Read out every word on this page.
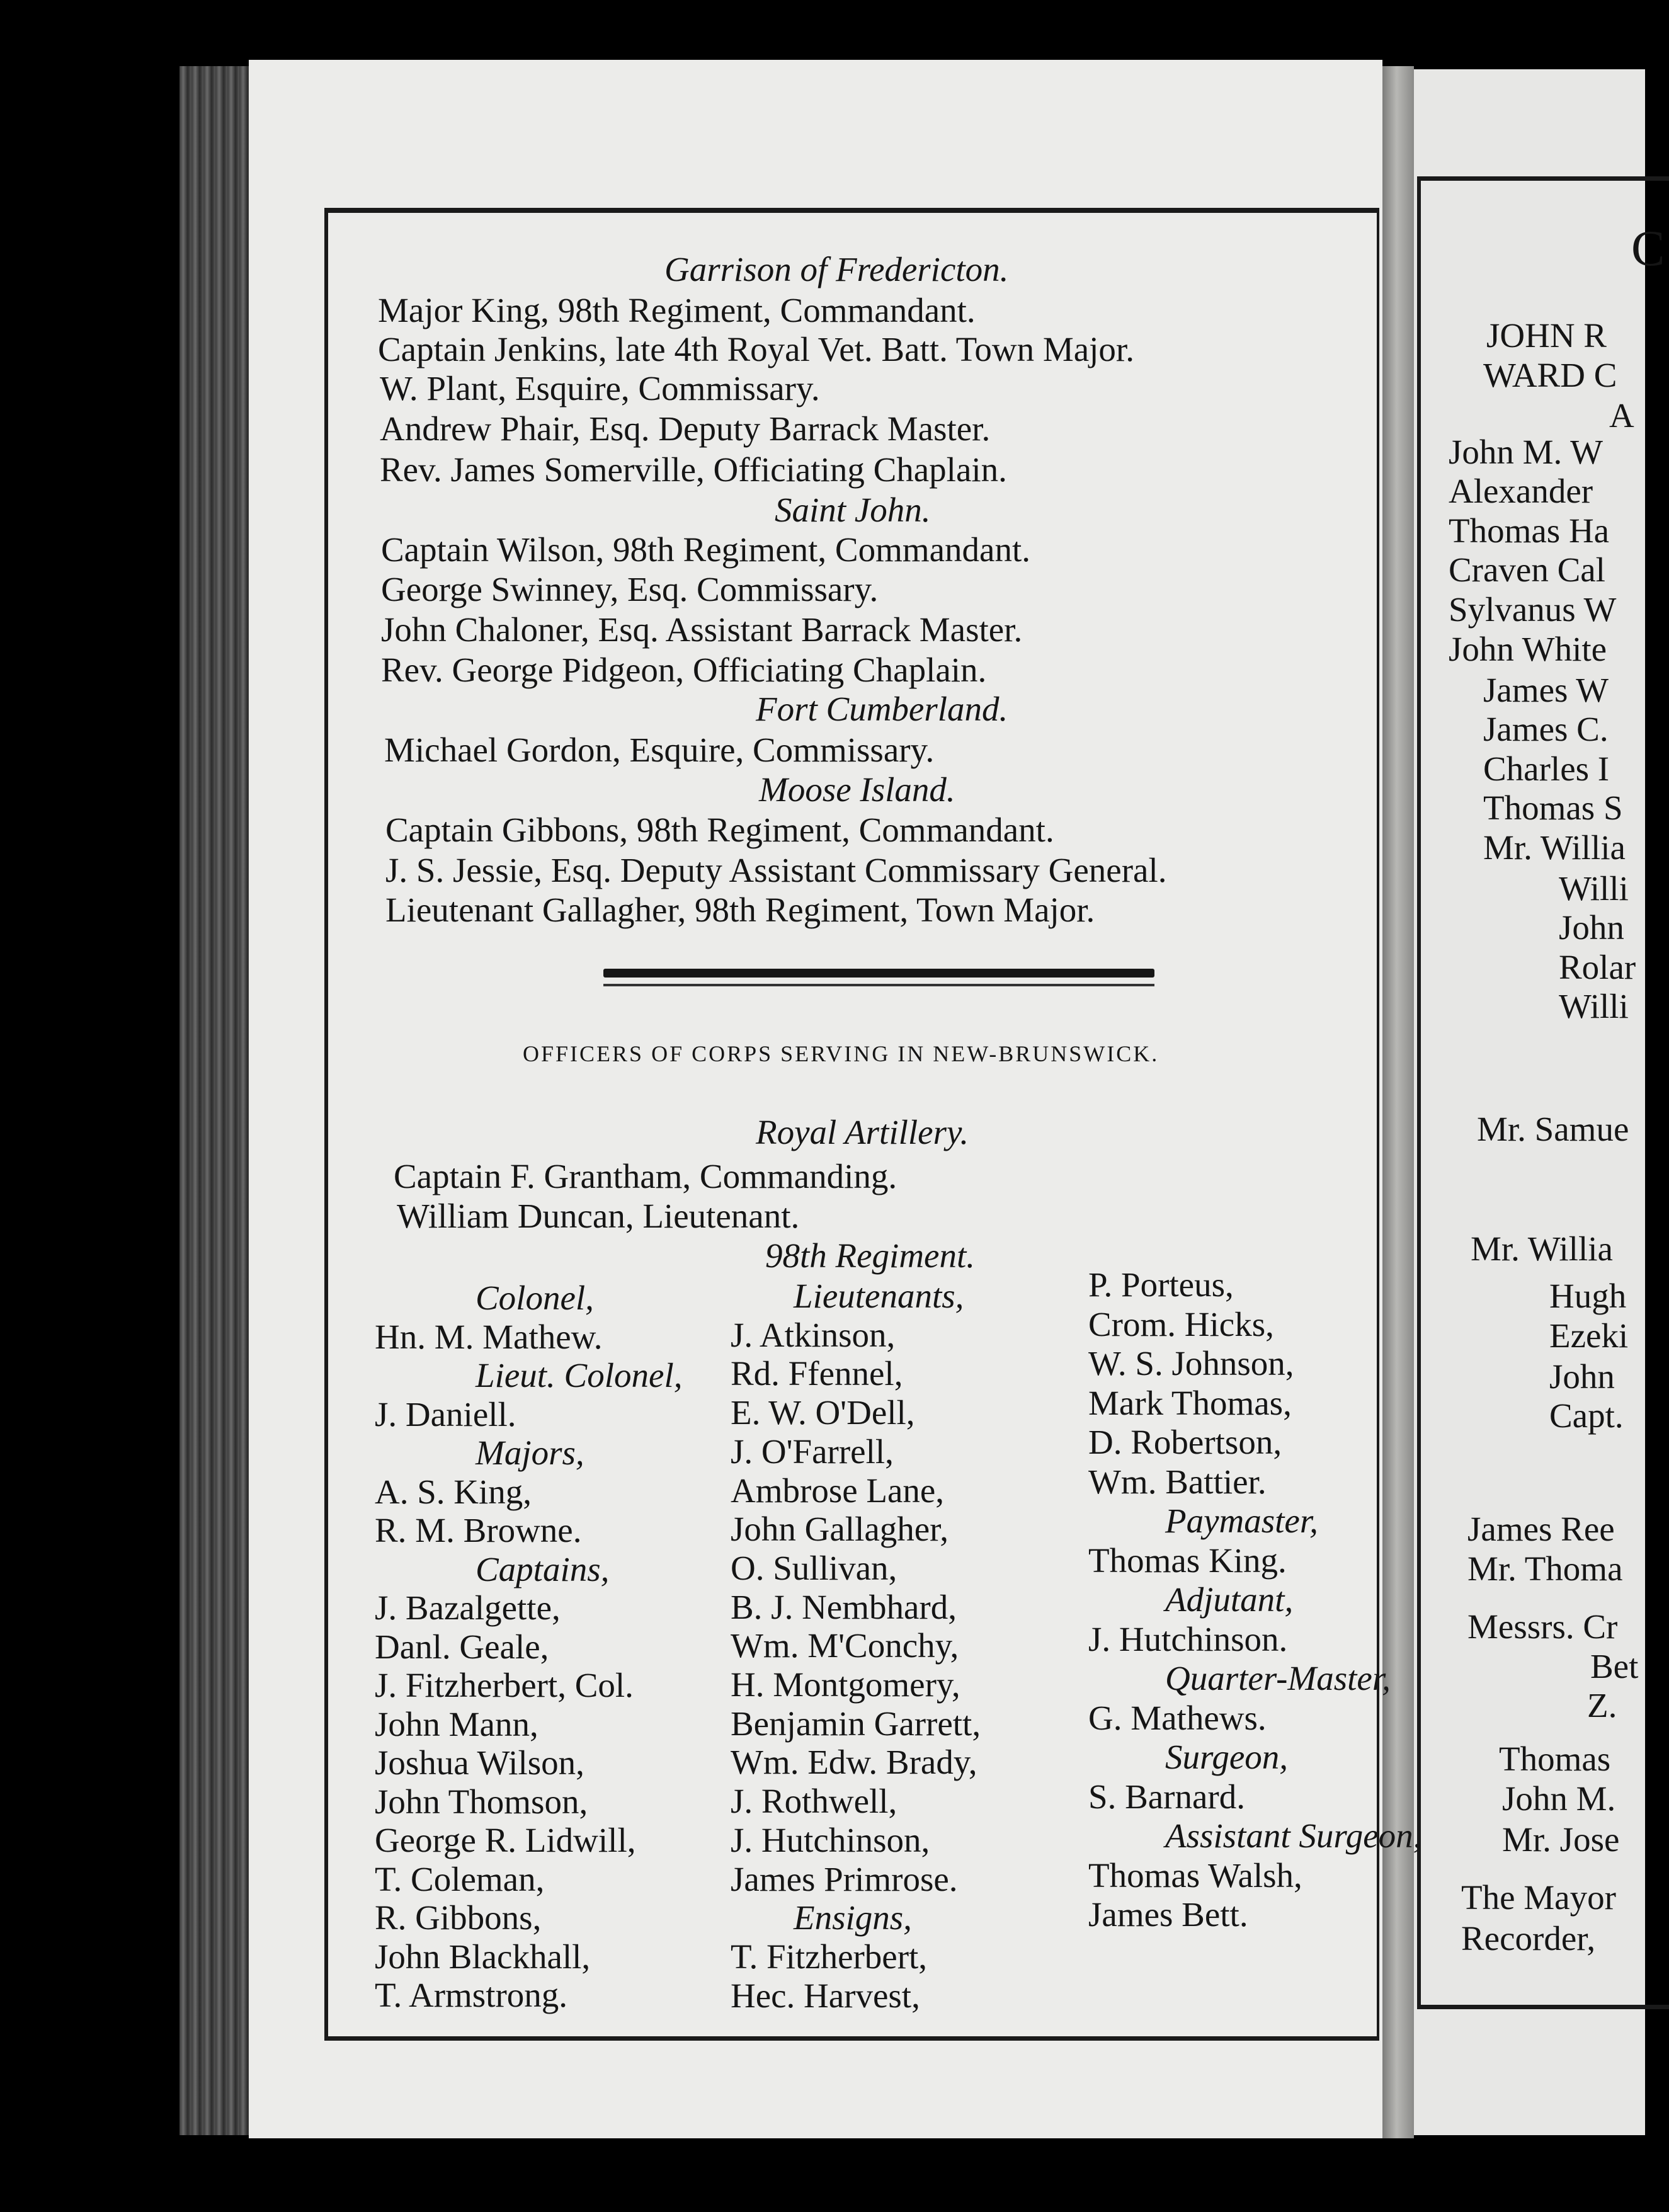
Garrison of Fredericton.
Major King, 98th Regiment, Commandant.
Captain Jenkins, late 4th Royal Vet. Batt. Town Major.
W. Plant, Esquire, Commissary.
Andrew Phair, Esq. Deputy Barrack Master.
Rev. James Somerville, Officiating Chaplain.
Saint John.
Captain Wilson, 98th Regiment, Commandant.
George Swinney, Esq. Commissary.
John Chaloner, Esq. Assistant Barrack Master.
Rev. George Pidgeon, Officiating Chaplain.
Fort Cumberland.
Michael Gordon, Esquire, Commissary.
Moose Island.
Captain Gibbons, 98th Regiment, Commandant.
J. S. Jessie, Esq. Deputy Assistant Commissary General.
Lieutenant Gallagher, 98th Regiment, Town Major.
OFFICERS OF CORPS SERVING IN NEW-BRUNSWICK.
Royal Artillery.
Captain F. Grantham, Commanding.
William Duncan, Lieutenant.
98th Regiment.
Colonel,
Hn. M. Mathew.
Lieut. Colonel,
J. Daniell.
Majors,
A. S. King,
R. M. Browne.
Captains,
J. Bazalgette,
Danl. Geale,
J. Fitzherbert, Col.
John Mann,
Joshua Wilson,
John Thomson,
George R. Lidwill,
T. Coleman,
R. Gibbons,
John Blackhall,
T. Armstrong.
Lieutenants,
J. Atkinson,
Rd. Ffennel,
E. W. O'Dell,
J. O'Farrell,
Ambrose Lane,
John Gallagher,
O. Sullivan,
B. J. Nembhard,
Wm. M'Conchy,
H. Montgomery,
Benjamin Garrett,
Wm. Edw. Brady,
J. Rothwell,
J. Hutchinson,
James Primrose.
Ensigns,
T. Fitzherbert,
Hec. Harvest,
P. Porteus,
Crom. Hicks,
W. S. Johnson,
Mark Thomas,
D. Robertson,
Wm. Battier.
Paymaster,
Thomas King.
Adjutant,
J. Hutchinson.
Quarter-Master,
G. Mathews.
Surgeon,
S. Barnard.
Assistant Surgeon,
Thomas Walsh,
James Bett.
C
JOHN R
WARD C
A
John M. W
Alexander
Thomas Ha
Craven Cal
Sylvanus W
John White
James W
James C.
Charles I
Thomas S
Mr. Willia
Willi
John
Rolar
Willi
Mr. Samue
Mr. Willia
Hugh
Ezeki
John
Capt.
James Ree
Mr. Thoma
Messrs. Cr
Bet
Z.
Thomas
John M.
Mr. Jose
The Mayor
Recorder,
